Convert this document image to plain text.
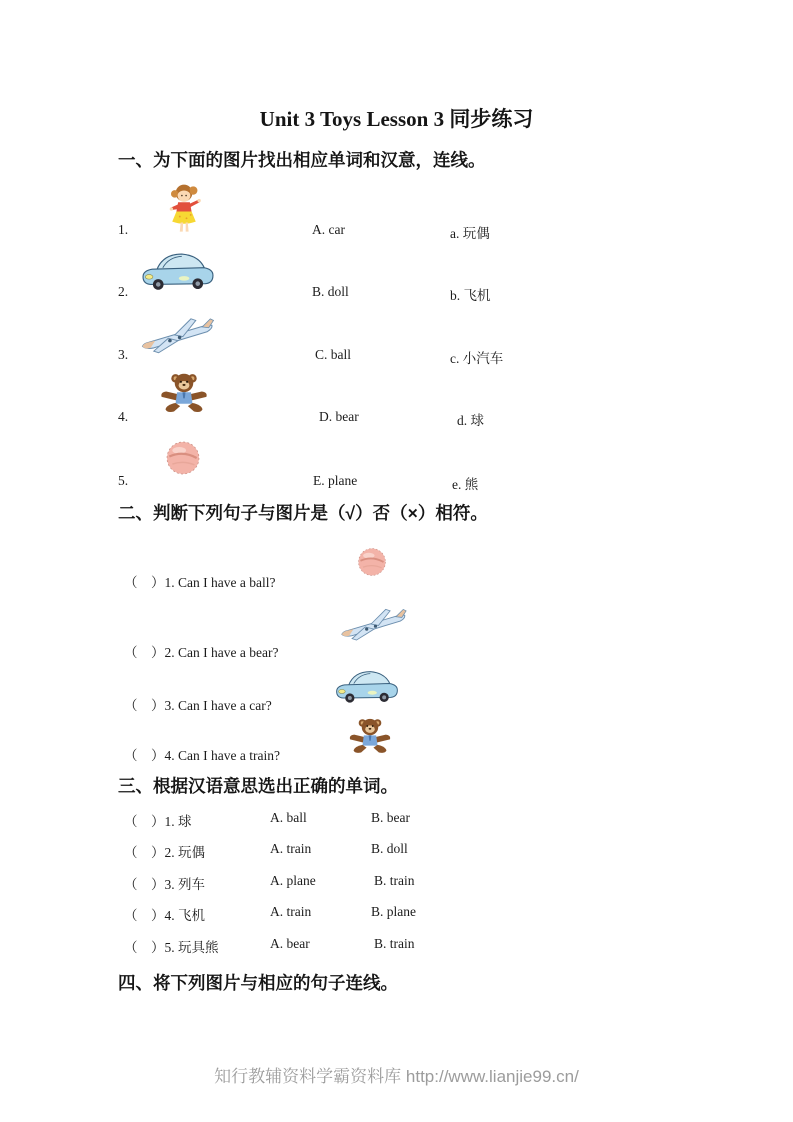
Unit 3 Toys Lesson 3 同步练习
一、为下面的图片找出相应单词和汉意，连线。
1.	A. car	a. 玩偶
2.	B. doll	b. 飞机
3.	C. ball	c. 小汽车
4.	D. bear	d. 球
5.	E. plane	e. 熊
二、判断下列句子与图片是（√）否（×）相符。
（　）1. Can I have a ball?
（　）2. Can I have a bear?
（　）3. Can I have a car?
（　）4. Can I have a train?
三、根据汉语意思选出正确的单词。
（　）1. 球	A. ball	B. bear
（　）2. 玩偶	A. train	B. doll
（　）3. 列车	A. plane	B. train
（　）4. 飞机	A. train	B. plane
（　）5. 玩具熊	A. bear	B. train
四、将下列图片与相应的句子连线。
知行教辅资料学霸资料库 http://www.lianjie99.cn/
